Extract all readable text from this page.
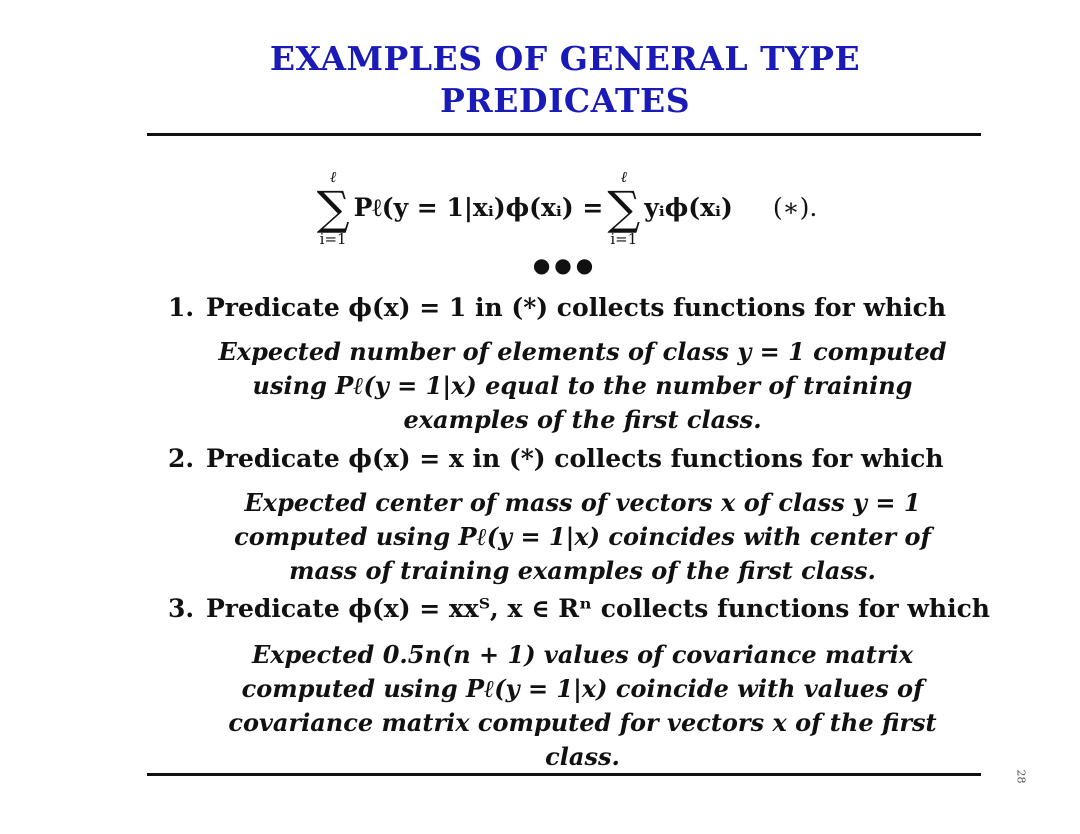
EXAMPLES OF GENERAL TYPE
PREDICATES
ℓ
∑
i=1
Pℓ(y = 1|xᵢ)ϕ(xᵢ) =
ℓ
∑
i=1
yᵢϕ(xᵢ) (∗).
●●●
1. Predicate ϕ(x) = 1 in (*) collects functions for which
Expected number of elements of class y = 1 computed
using Pℓ(y = 1|x) equal to the number of training
examples of the first class.
2. Predicate ϕ(x) = x in (*) collects functions for which
Expected center of mass of vectors x of class y = 1
computed using Pℓ(y = 1|x) coincides with center of
mass of training examples of the first class.
3. Predicate ϕ(x) = xxᵀ, x ∈ Rⁿ collects functions for which
Expected 0.5n(n + 1) values of covariance matrix
computed using Pℓ(y = 1|x) coincide with values of
covariance matrix computed for vectors x of the first
class.
28
